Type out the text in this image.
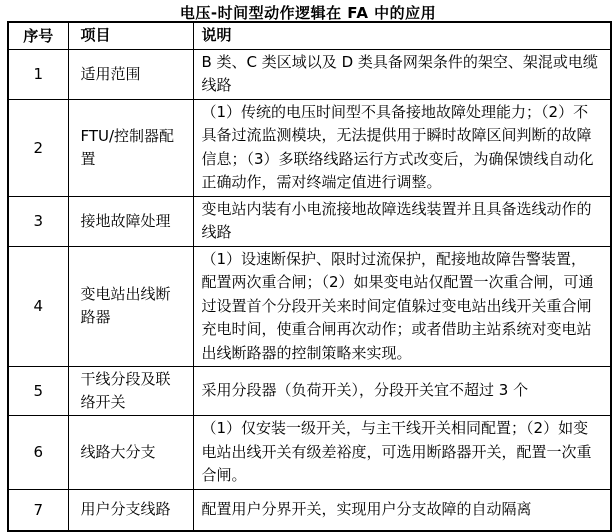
电压-时间型动作逻辑在 FA 中的应用
序号	项目	说明
1	适用范围	B 类、C 类区域以及 D 类具备网架条件的架空、架混或电缆线路
2	FTU/控制器配置	（1）传统的电压时间型不具备接地故障处理能力；（2）不具备过流监测模块，无法提供用于瞬时故障区间判断的故障信息；（3）多联络线路运行方式改变后，为确保馈线自动化正确动作，需对终端定值进行调整。
3	接地故障处理	变电站内装有小电流接地故障选线装置并且具备选线动作的线路
4	变电站出线断路器	（1）设速断保护、限时过流保护，配接地故障告警装置，配置两次重合闸；（2）如果变电站仅配置一次重合闸，可通过设置首个分段开关来时间定值躲过变电站出线开关重合闸充电时间，使重合闸再次动作；或者借助主站系统对变电站出线断路器的控制策略来实现。
5	干线分段及联络开关	采用分段器（负荷开关），分段开关宜不超过 3 个
6	线路大分支	（1）仅安装一级开关，与主干线开关相同配置；（2）如变电站出线开关有级差裕度，可选用断路器开关，配置一次重合闸。
7	用户分支线路	配置用户分界开关，实现用户分支故障的自动隔离
